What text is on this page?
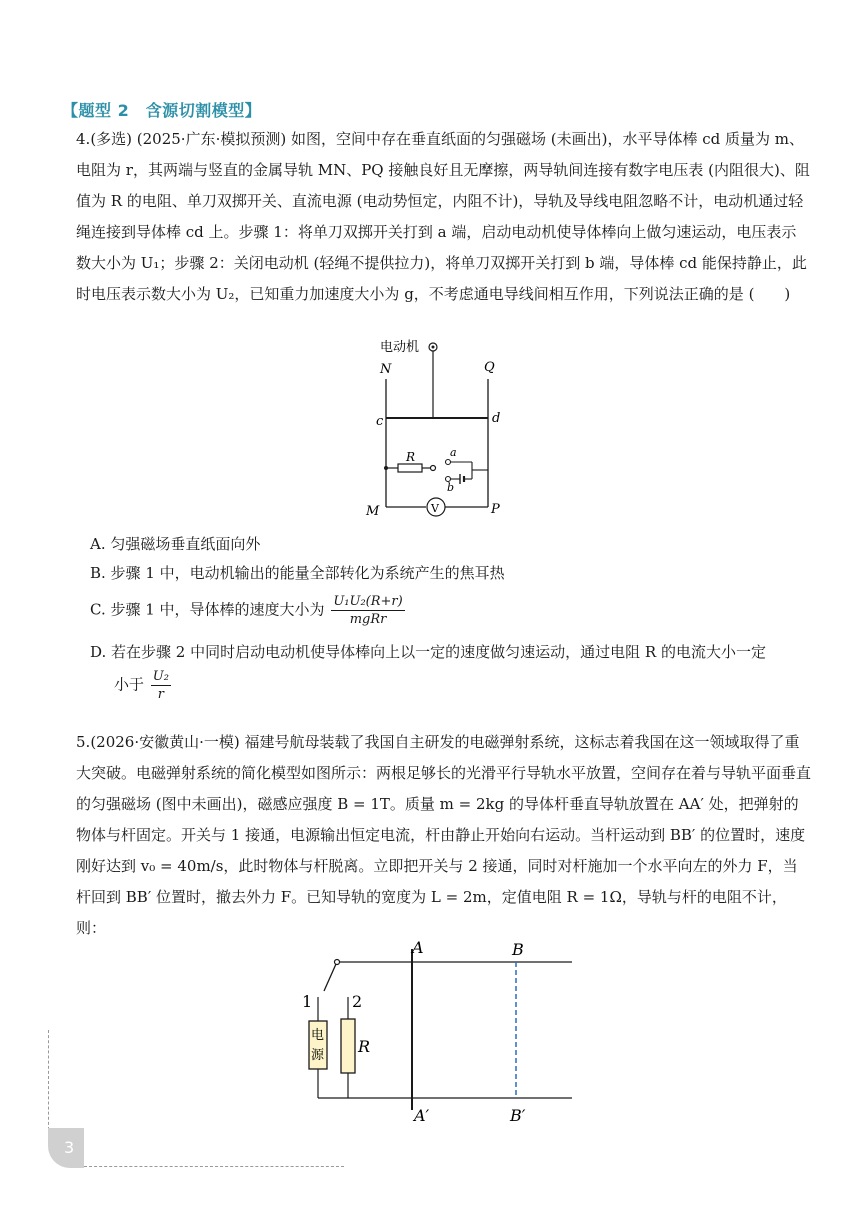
【题型 2　含源切割模型】
4.(多选) (2025·广东·模拟预测) 如图，空间中存在垂直纸面的匀强磁场 (未画出)，水平导体棒 cd 质量为 m、电阻为 r，其两端与竖直的金属导轨 MN、PQ 接触良好且无摩擦，两导轨间连接有数字电压表 (内阻很大)、阻值为 R 的电阻、单刀双掷开关、直流电源 (电动势恒定，内阻不计)，导轨及导线电阻忽略不计，电动机通过轻绳连接到导体棒 cd 上。步骤 1：将单刀双掷开关打到 a 端，启动电动机使导体棒向上做匀速运动，电压表示数大小为 U₁；步骤 2：关闭电动机 (轻绳不提供拉力)，将单刀双掷开关打到 b 端，导体棒 cd 能保持静止，此时电压表示数大小为 U₂，已知重力加速度大小为 g，不考虑通电导线间相互作用，下列说法正确的是 (　　)
电动机
N	Q
c	d
R	a
b
V
M	P
A. 匀强磁场垂直纸面向外
B. 步骤 1 中，电动机输出的能量全部转化为系统产生的焦耳热
C. 步骤 1 中，导体棒的速度大小为 $\frac{\text{U₁U₂(R+r)}}{\text{mgRr}}$
D. 若在步骤 2 中同时启动电动机使导体棒向上以一定的速度做匀速运动，通过电阻 R 的电流大小一定
小于 $\frac{\text{U₂}}{r}$
5.(2026·安徽黄山·一模) 福建号航母装载了我国自主研发的电磁弹射系统，这标志着我国在这一领域取得了重大突破。电磁弹射系统的简化模型如图所示：两根足够长的光滑平行导轨水平放置，空间存在着与导轨平面垂直的匀强磁场 (图中未画出)，磁感应强度 B = 1T。质量 m = 2kg 的导体杆垂直导轨放置在 AA′ 处，把弹射的物体与杆固定。开关与 1 接通，电源输出恒定电流，杆由静止开始向右运动。当杆运动到 BB′ 的位置时，速度刚好达到 v₀ = 40m/s，此时物体与杆脱离。立即把开关与 2 接通，同时对杆施加一个水平向左的外力 F，当杆回到 BB′ 位置时，撤去外力 F。已知导轨的宽度为 L = 2m，定值电阻 R = 1Ω，导轨与杆的电阻不计，则：
A	B
A′	B′
1 2
电
源 R
3
